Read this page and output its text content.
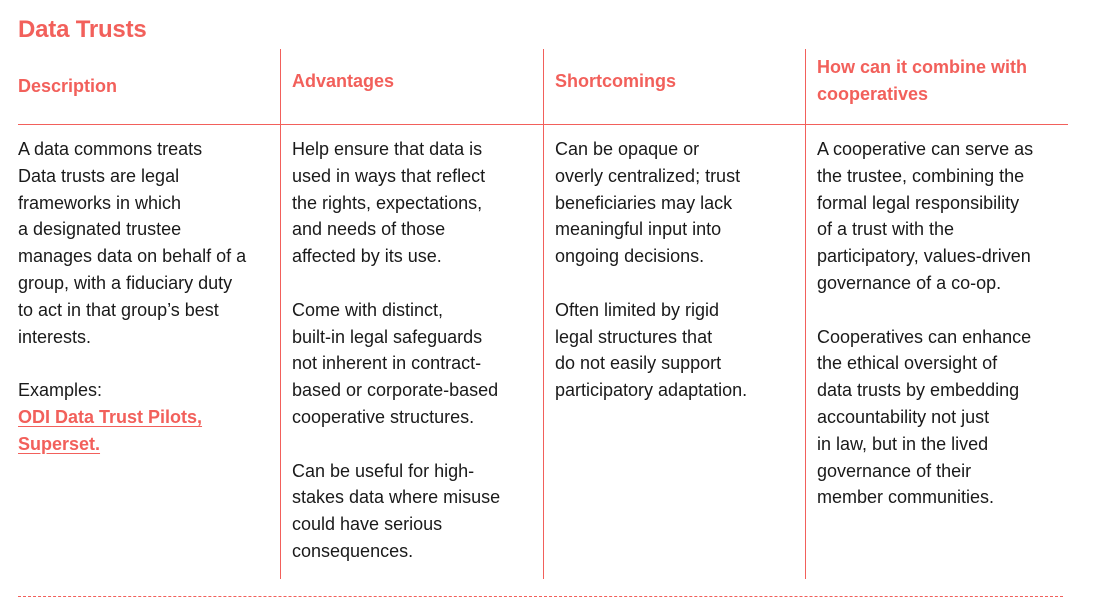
Data Trusts
Description	Advantages	Shortcomings
How can it combine with
cooperatives

A data commons treats
Data trusts are legal
frameworks in which
a designated trustee
manages data on behalf of a
group, with a fiduciary duty
to act in that group’s best
interests.

Examples:
ODI Data Trust Pilots,
Superset.

Help ensure that data is
used in ways that reflect
the rights, expectations,
and needs of those
affected by its use.

Come with distinct,
built-in legal safeguards
not inherent in contract-
based or corporate-based
cooperative structures.

Can be useful for high-
stakes data where misuse
could have serious
consequences.

Can be opaque or
overly centralized; trust
beneficiaries may lack
meaningful input into
ongoing decisions.

Often limited by rigid
legal structures that
do not easily support
participatory adaptation.

A cooperative can serve as
the trustee, combining the
formal legal responsibility
of a trust with the
participatory, values-driven
governance of a co-op.

Cooperatives can enhance
the ethical oversight of
data trusts by embedding
accountability not just
in law, but in the lived
governance of their
member communities.
